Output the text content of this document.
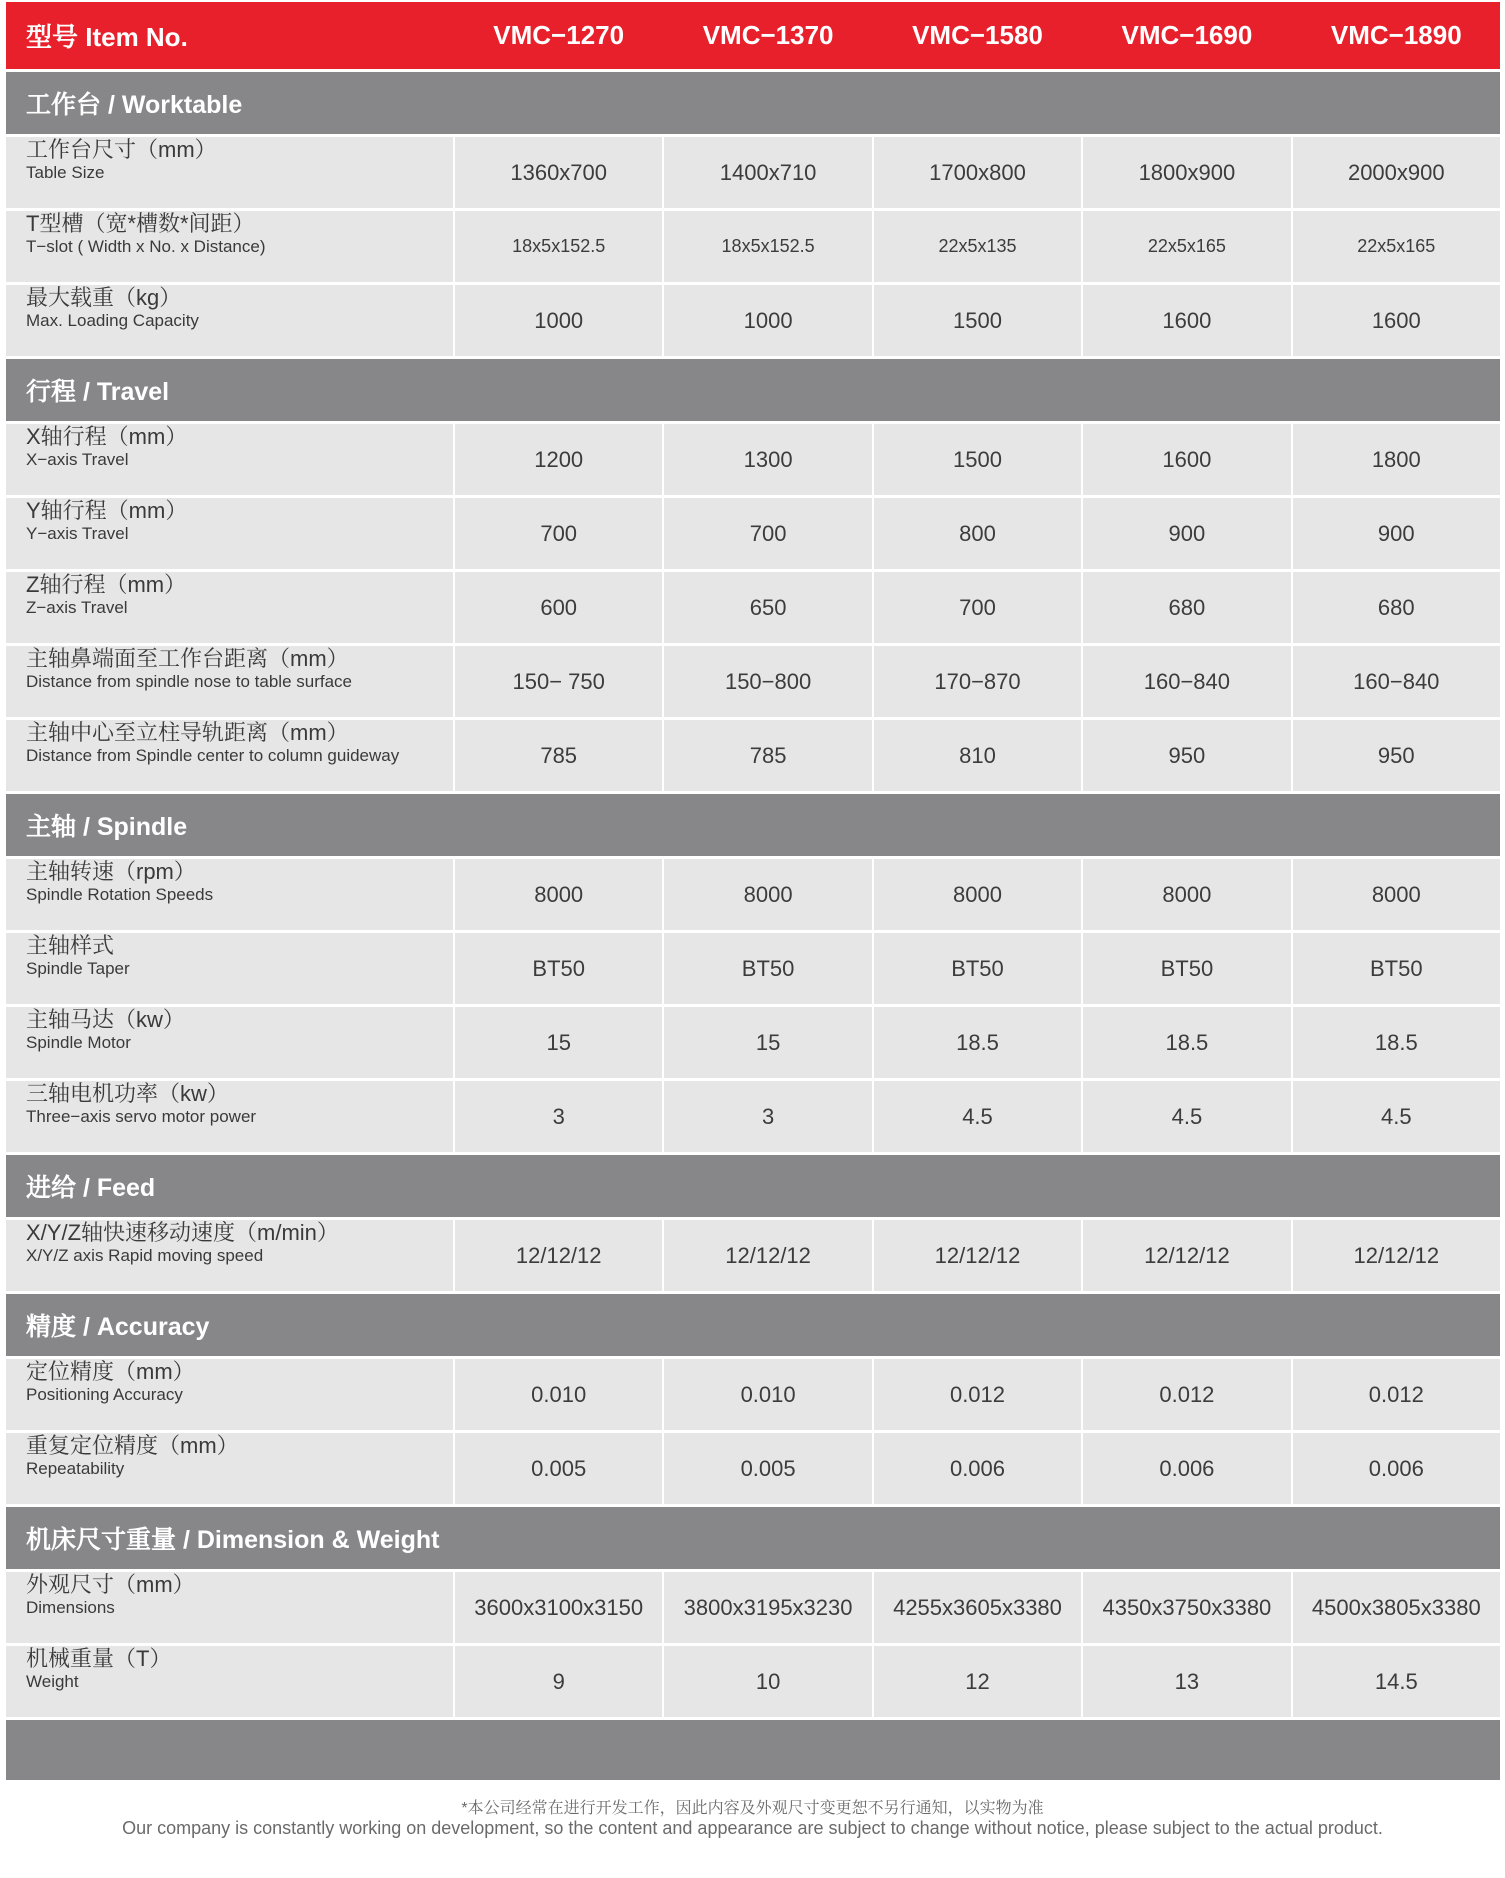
型号 Item No.	VMC−1270	VMC−1370	VMC−1580	VMC−1690	VMC−1890
工作台 / Worktable
工作台尺寸（mm）
Table Size	1360x700	1400x710	1700x800	1800x900	2000x900
T型槽（宽*槽数*间距）
T−slot ( Width x No. x Distance)	18x5x152.5	18x5x152.5	22x5x135	22x5x165	22x5x165
最大载重（kg）
Max. Loading Capacity	1000	1000	1500	1600	1600
行程 / Travel
X轴行程（mm）
X−axis Travel	1200	1300	1500	1600	1800
Y轴行程（mm）
Y−axis Travel	700	700	800	900	900
Z轴行程（mm）
Z−axis Travel	600	650	700	680	680
主轴鼻端面至工作台距离（mm）
Distance from spindle nose to table surface	150− 750	150−800	170−870	160−840	160−840
主轴中心至立柱导轨距离（mm）
Distance from Spindle center to column guideway	785	785	810	950	950
主轴 / Spindle
主轴转速（rpm）
Spindle Rotation Speeds	8000	8000	8000	8000	8000
主轴样式
Spindle Taper	BT50	BT50	BT50	BT50	BT50
主轴马达（kw）
Spindle Motor	15	15	18.5	18.5	18.5
三轴电机功率（kw）
Three−axis servo motor power	3	3	4.5	4.5	4.5
进给 / Feed
X/Y/Z轴快速移动速度（m/min）
X/Y/Z axis Rapid moving speed	12/12/12	12/12/12	12/12/12	12/12/12	12/12/12
精度 / Accuracy
定位精度（mm）
Positioning Accuracy	0.010	0.010	0.012	0.012	0.012
重复定位精度（mm）
Repeatability	0.005	0.005	0.006	0.006	0.006
机床尺寸重量 / Dimension & Weight
外观尺寸（mm）
Dimensions	3600x3100x3150	3800x3195x3230	4255x3605x3380	4350x3750x3380	4500x3805x3380
机械重量（T）
Weight	9	10	12	13	14.5
*本公司经常在进行开发工作，因此内容及外观尺寸变更恕不另行通知，以实物为准
Our company is constantly working on development, so the content and appearance are subject to change without notice, please subject to the actual product.
